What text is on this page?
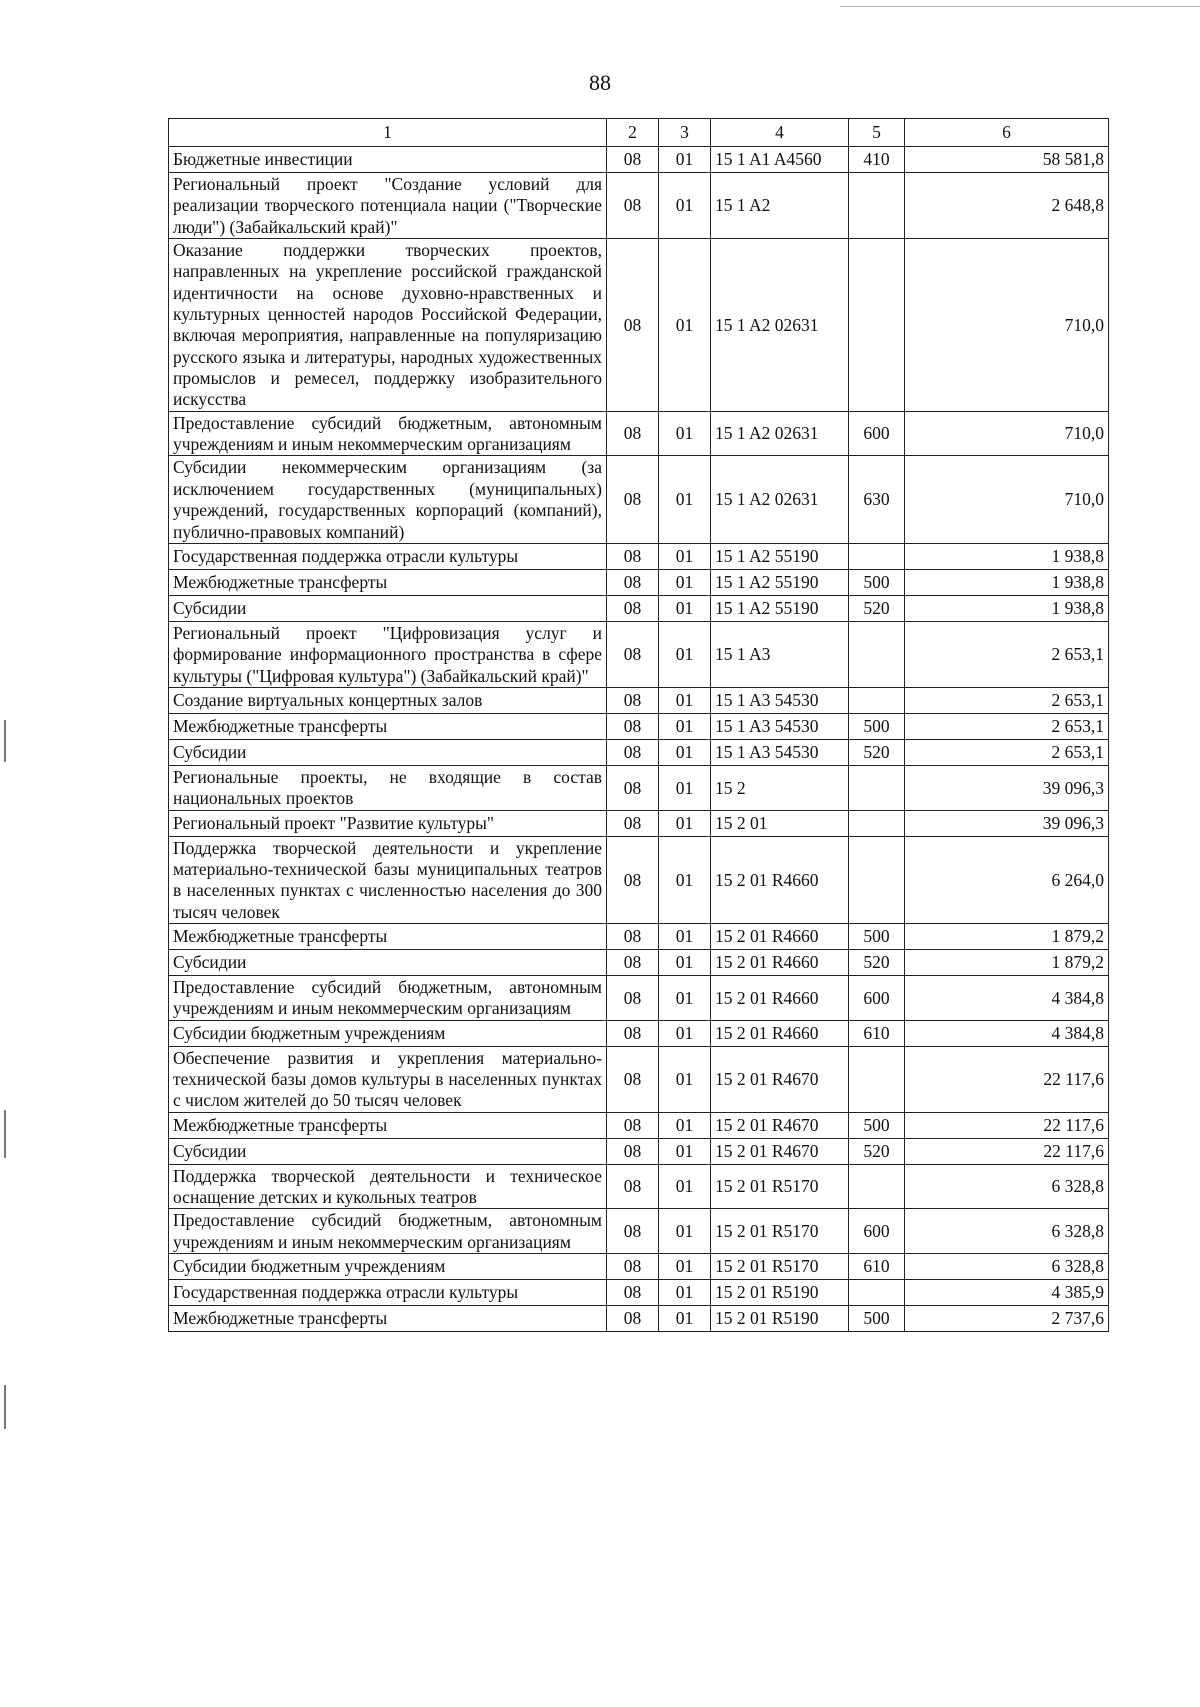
88
1	2	3	4	5	6
Бюджетные инвестиции	08	01	15 1 A1 A4560	410	58 581,8
Региональный проект "Создание условий для реализации творческого потенциала нации ("Творческие люди") (Забайкальский край)"	08	01	15 1 A2		2 648,8
Оказание поддержки творческих проектов, направленных на укрепление российской гражданской идентичности на основе духовно-нравственных и культурных ценностей народов Российской Федерации, включая мероприятия, направленные на популяризацию русского языка и литературы, народных художественных промыслов и ремесел, поддержку изобразительного искусства	08	01	15 1 A2 02631		710,0
Предоставление субсидий бюджетным, автономным учреждениям и иным некоммерческим организациям	08	01	15 1 A2 02631	600	710,0
Субсидии некоммерческим организациям (за исключением государственных (муниципальных) учреждений, государственных корпораций (компаний), публично-правовых компаний)	08	01	15 1 A2 02631	630	710,0
Государственная поддержка отрасли культуры	08	01	15 1 A2 55190		1 938,8
Межбюджетные трансферты	08	01	15 1 A2 55190	500	1 938,8
Субсидии	08	01	15 1 A2 55190	520	1 938,8
Региональный проект "Цифровизация услуг и формирование информационного пространства в сфере культуры ("Цифровая культура") (Забайкальский край)"	08	01	15 1 A3		2 653,1
Создание виртуальных концертных залов	08	01	15 1 A3 54530		2 653,1
Межбюджетные трансферты	08	01	15 1 A3 54530	500	2 653,1
Субсидии	08	01	15 1 A3 54530	520	2 653,1
Региональные проекты, не входящие в состав национальных проектов	08	01	15 2		39 096,3
Региональный проект "Развитие культуры"	08	01	15 2 01		39 096,3
Поддержка творческой деятельности и укрепление материально-технической базы муниципальных театров в населенных пунктах с численностью населения до 300 тысяч человек	08	01	15 2 01 R4660		6 264,0
Межбюджетные трансферты	08	01	15 2 01 R4660	500	1 879,2
Субсидии	08	01	15 2 01 R4660	520	1 879,2
Предоставление субсидий бюджетным, автономным учреждениям и иным некоммерческим организациям	08	01	15 2 01 R4660	600	4 384,8
Субсидии бюджетным учреждениям	08	01	15 2 01 R4660	610	4 384,8
Обеспечение развития и укрепления материально-технической базы домов культуры в населенных пунктах с числом жителей до 50 тысяч человек	08	01	15 2 01 R4670		22 117,6
Межбюджетные трансферты	08	01	15 2 01 R4670	500	22 117,6
Субсидии	08	01	15 2 01 R4670	520	22 117,6
Поддержка творческой деятельности и техническое оснащение детских и кукольных театров	08	01	15 2 01 R5170		6 328,8
Предоставление субсидий бюджетным, автономным учреждениям и иным некоммерческим организациям	08	01	15 2 01 R5170	600	6 328,8
Субсидии бюджетным учреждениям	08	01	15 2 01 R5170	610	6 328,8
Государственная поддержка отрасли культуры	08	01	15 2 01 R5190		4 385,9
Межбюджетные трансферты	08	01	15 2 01 R5190	500	2 737,6
